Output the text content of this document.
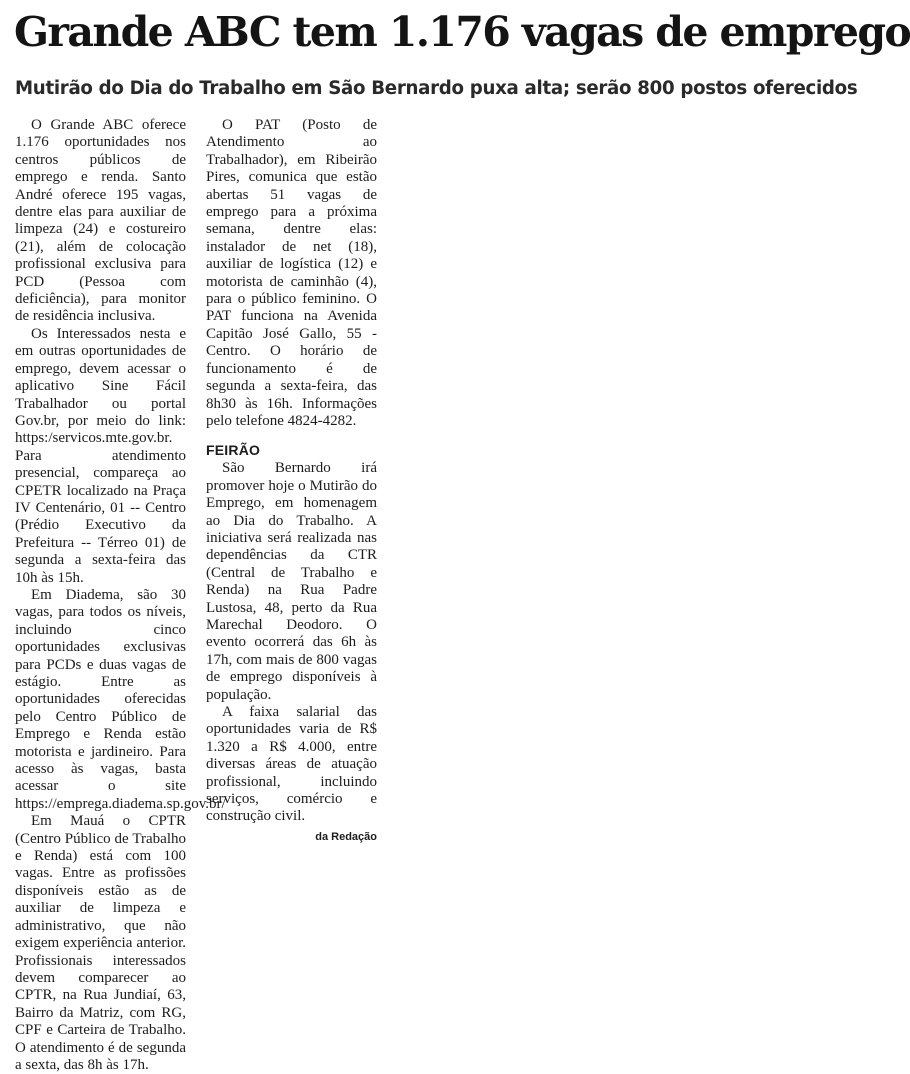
Grande ABC tem 1.176 vagas de emprego
Mutirão do Dia do Trabalho em São Bernardo puxa alta; serão 800 postos oferecidos

O Grande ABC oferece 1.176 oportunidades nos centros públicos de emprego e renda. Santo André oferece 195 vagas, dentre elas para auxiliar de limpeza (24) e costureiro (21), além de colocação profissional exclusiva para PCD (Pessoa com deficiência), para monitor de residência inclusiva.

Os Interessados nesta e em outras oportunidades de emprego, devem acessar o aplicativo Sine Fácil Trabalhador ou portal Gov.br, por meio do link: https:/servicos.mte.gov.br. Para atendimento presencial, compareça ao CPETR localizado na Praça IV Centenário, 01 -- Centro (Prédio Executivo da Prefeitura -- Térreo 01) de segunda a sexta-feira das 10h às 15h.

Em Diadema, são 30 vagas, para todos os níveis, incluindo cinco oportunidades exclusivas para PCDs e duas vagas de estágio. Entre as oportunidades oferecidas pelo Centro Público de Emprego e Renda estão motorista e jardineiro. Para acesso às vagas, basta acessar o site https://emprega.diadema.sp.gov.br/

Em Mauá o CPTR (Centro Público de Trabalho e Renda) está com 100 vagas. Entre as profissões disponíveis estão as de auxiliar de limpeza e administrativo, que não exigem experiência anterior. Profissionais interessados devem comparecer ao CPTR, na Rua Jundiaí, 63, Bairro da Matriz, com RG, CPF e Carteira de Trabalho. O atendimento é de segunda a sexta, das 8h às 17h.

O PAT (Posto de Atendimento ao Trabalhador), em Ribeirão Pires, comunica que estão abertas 51 vagas de emprego para a próxima semana, dentre elas: instalador de net (18), auxiliar de logística (12) e motorista de caminhão (4), para o público feminino. O PAT funciona na Avenida Capitão José Gallo, 55 - Centro. O horário de funcionamento é de segunda a sexta-feira, das 8h30 às 16h. Informações pelo telefone 4824-4282.

FEIRÃO

São Bernardo irá promover hoje o Mutirão do Emprego, em homenagem ao Dia do Trabalho. A iniciativa será realizada nas dependências da CTR (Central de Trabalho e Renda) na Rua Padre Lustosa, 48, perto da Rua Marechal Deodoro. O evento ocorrerá das 6h às 17h, com mais de 800 vagas de emprego disponíveis à população.

A faixa salarial das oportunidades varia de R$ 1.320 a R$ 4.000, entre diversas áreas de atuação profissional, incluindo serviços, comércio e construção civil.
da Redação
